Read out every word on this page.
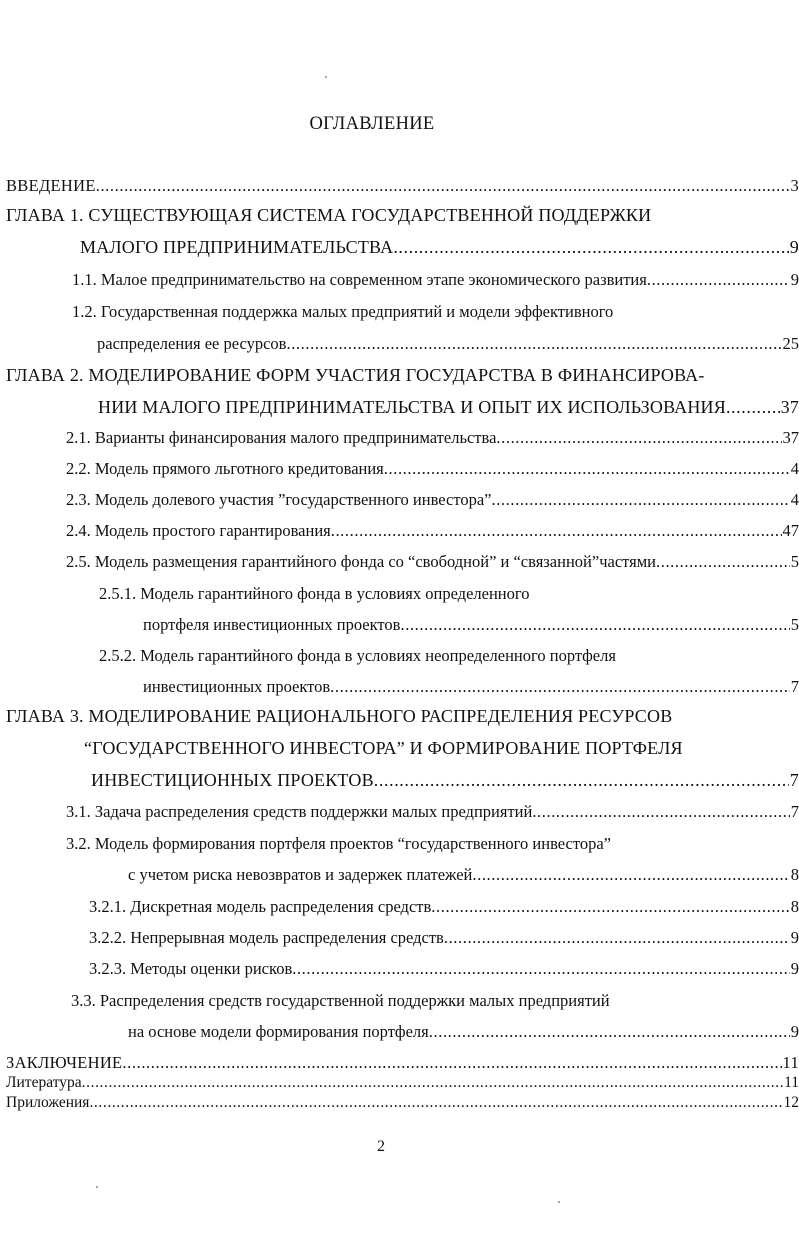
ОГЛАВЛЕНИЕ
ВВЕДЕНИЕ .....	3
ГЛАВА 1. СУЩЕСТВУЮЩАЯ СИСТЕМА ГОСУДАРСТВЕННОЙ ПОДДЕРЖКИ
МАЛОГО ПРЕДПРИНИМАТЕЛЬСТВА .....	9
1.1. Малое предпринимательство на современном этапе экономического развития .....	9
1.2. Государственная поддержка малых предприятий и модели эффективного
распределения ее ресурсов .....	25
ГЛАВА 2. МОДЕЛИРОВАНИЕ ФОРМ УЧАСТИЯ ГОСУДАРСТВА В ФИНАНСИРОВА-
НИИ МАЛОГО ПРЕДПРИНИМАТЕЛЬСТВА И ОПЫТ ИХ ИСПОЛЬЗОВАНИЯ .....	37
2.1. Варианты финансирования малого предпринимательства .....	37
2.2. Модель прямого льготного кредитования .....	4
2.3. Модель долевого участия ”государственного инвестора” .....	4
2.4. Модель простого гарантирования .....	47
2.5. Модель размещения гарантийного фонда со “свободной” и “связанной”частями .....	5
2.5.1. Модель гарантийного фонда в условиях определенного
портфеля инвестиционных проектов .....	5
2.5.2. Модель гарантийного фонда в условиях неопределенного портфеля
инвестиционных проектов .....	7
ГЛАВА 3. МОДЕЛИРОВАНИЕ РАЦИОНАЛЬНОГО РАСПРЕДЕЛЕНИЯ РЕСУРСОВ
“ГОСУДАРСТВЕННОГО ИНВЕСТОРА” И ФОРМИРОВАНИЕ ПОРТФЕЛЯ
ИНВЕСТИЦИОННЫХ ПРОЕКТОВ .....	7
3.1. Задача распределения средств поддержки малых предприятий .....	7
3.2. Модель формирования портфеля проектов “государственного инвестора”
с учетом риска невозвратов и задержек платежей .....	8
3.2.1. Дискретная модель распределения средств .....	8
3.2.2. Непрерывная модель распределения средств .....	9
3.2.3. Методы оценки рисков .....	9
3.3. Распределения средств государственной поддержки малых предприятий
на основе модели формирования портфеля .....	9
ЗАКЛЮЧЕНИЕ .....	11
Литература .....	11
Приложения .....	12
2
